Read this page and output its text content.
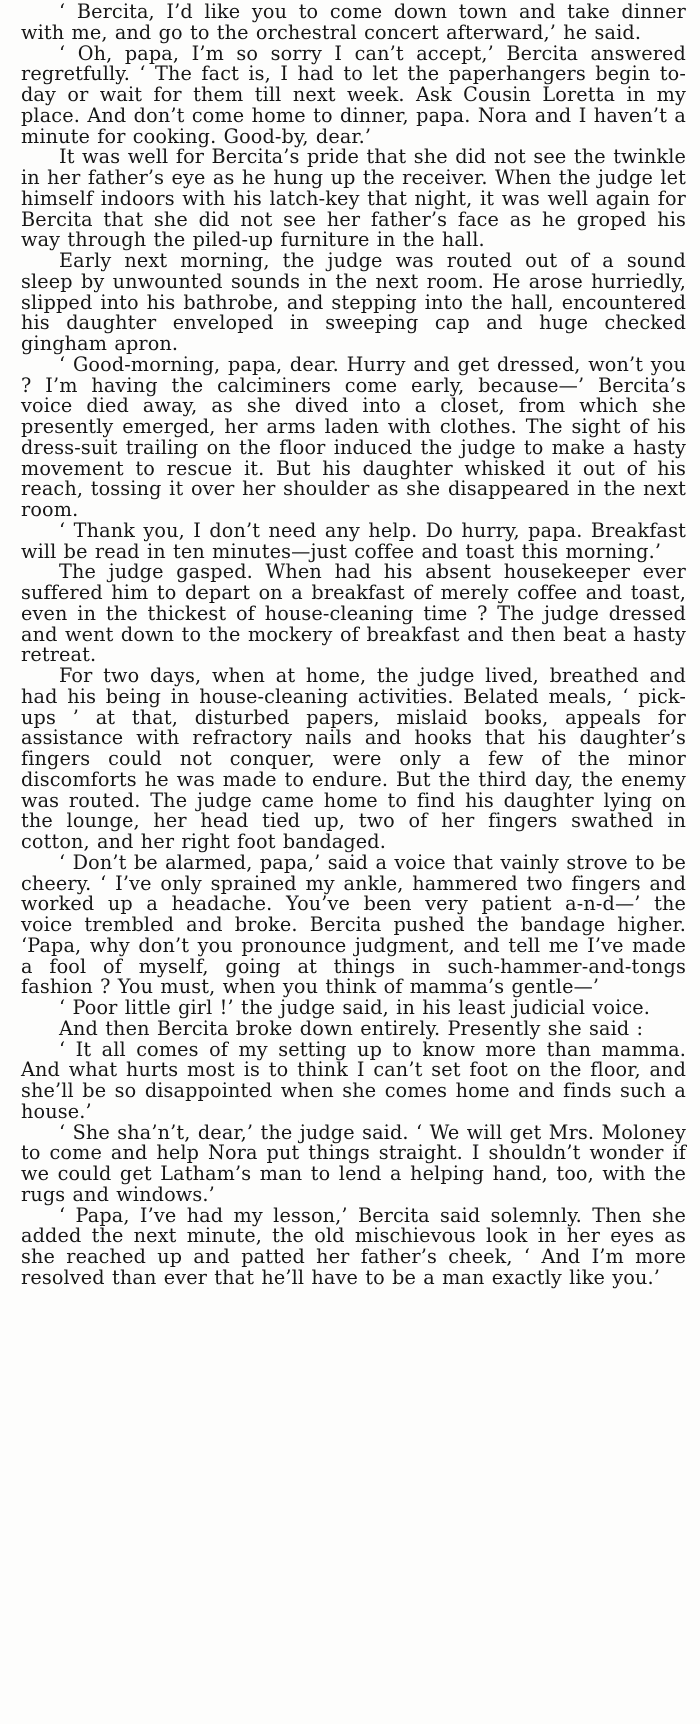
‘ Bercita, I’d like you to come down town and take dinner with me, and go to the orchestral concert afterward,’ he said.

‘ Oh, papa, I’m so sorry I can’t accept,’ Bercita answered regretfully. ‘ The fact is, I had to let the paperhangers begin to-day or wait for them till next week. Ask Cousin Loretta in my place. And don’t come home to dinner, papa. Nora and I haven’t a minute for cooking. Good-by, dear.’

It was well for Bercita’s pride that she did not see the twinkle in her father’s eye as he hung up the receiver. When the judge let himself indoors with his latch-key that night, it was well again for Bercita that she did not see her father’s face as he groped his way through the piled-up furniture in the hall.

Early next morning, the judge was routed out of a sound sleep by unwounted sounds in the next room. He arose hurriedly, slipped into his bathrobe, and stepping into the hall, encountered his daughter enveloped in sweeping cap and huge checked gingham apron.

‘ Good-morning, papa, dear. Hurry and get dressed, won’t you ? I’m having the calciminers come early, because—’ Bercita’s voice died away, as she dived into a closet, from which she presently emerged, her arms laden with clothes. The sight of his dress-suit trailing on the floor induced the judge to make a hasty movement to rescue it. But his daughter whisked it out of his reach, tossing it over her shoulder as she disappeared in the next room.

‘ Thank you, I don’t need any help. Do hurry, papa. Breakfast will be read in ten minutes—just coffee and toast this morning.’

The judge gasped. When had his absent housekeeper ever suffered him to depart on a breakfast of merely coffee and toast, even in the thickest of house-cleaning time ? The judge dressed and went down to the mockery of breakfast and then beat a hasty retreat.

For two days, when at home, the judge lived, breathed and had his being in house-cleaning activities. Belated meals, ‘ pick-ups ’ at that, disturbed papers, mislaid books, appeals for assistance with refractory nails and hooks that his daughter’s fingers could not conquer, were only a few of the minor discomforts he was made to endure. But the third day, the enemy was routed. The judge came home to find his daughter lying on the lounge, her head tied up, two of her fingers swathed in cotton, and her right foot bandaged.

‘ Don’t be alarmed, papa,’ said a voice that vainly strove to be cheery. ‘ I’ve only sprained my ankle, hammered two fingers and worked up a headache. You’ve been very patient a-n-d—’ the voice trembled and broke. Bercita pushed the bandage higher. ‘Papa, why don’t you pronounce judgment, and tell me I’ve made a fool of myself, going at things in such-hammer-and-tongs fashion ? You must, when you think of mamma’s gentle—’

‘ Poor little girl !’ the judge said, in his least judicial voice.

And then Bercita broke down entirely. Presently she said :

‘ It all comes of my setting up to know more than mamma. And what hurts most is to think I can’t set foot on the floor, and she’ll be so disappointed when she comes home and finds such a house.’

‘ She sha’n’t, dear,’ the judge said. ‘ We will get Mrs. Moloney to come and help Nora put things straight. I shouldn’t wonder if we could get Latham’s man to lend a helping hand, too, with the rugs and windows.’

‘ Papa, I’ve had my lesson,’ Bercita said solemnly. Then she added the next minute, the old mischievous look in her eyes as she reached up and patted her father’s cheek, ‘ And I’m more resolved than ever that he’ll have to be a man exactly like you.’
